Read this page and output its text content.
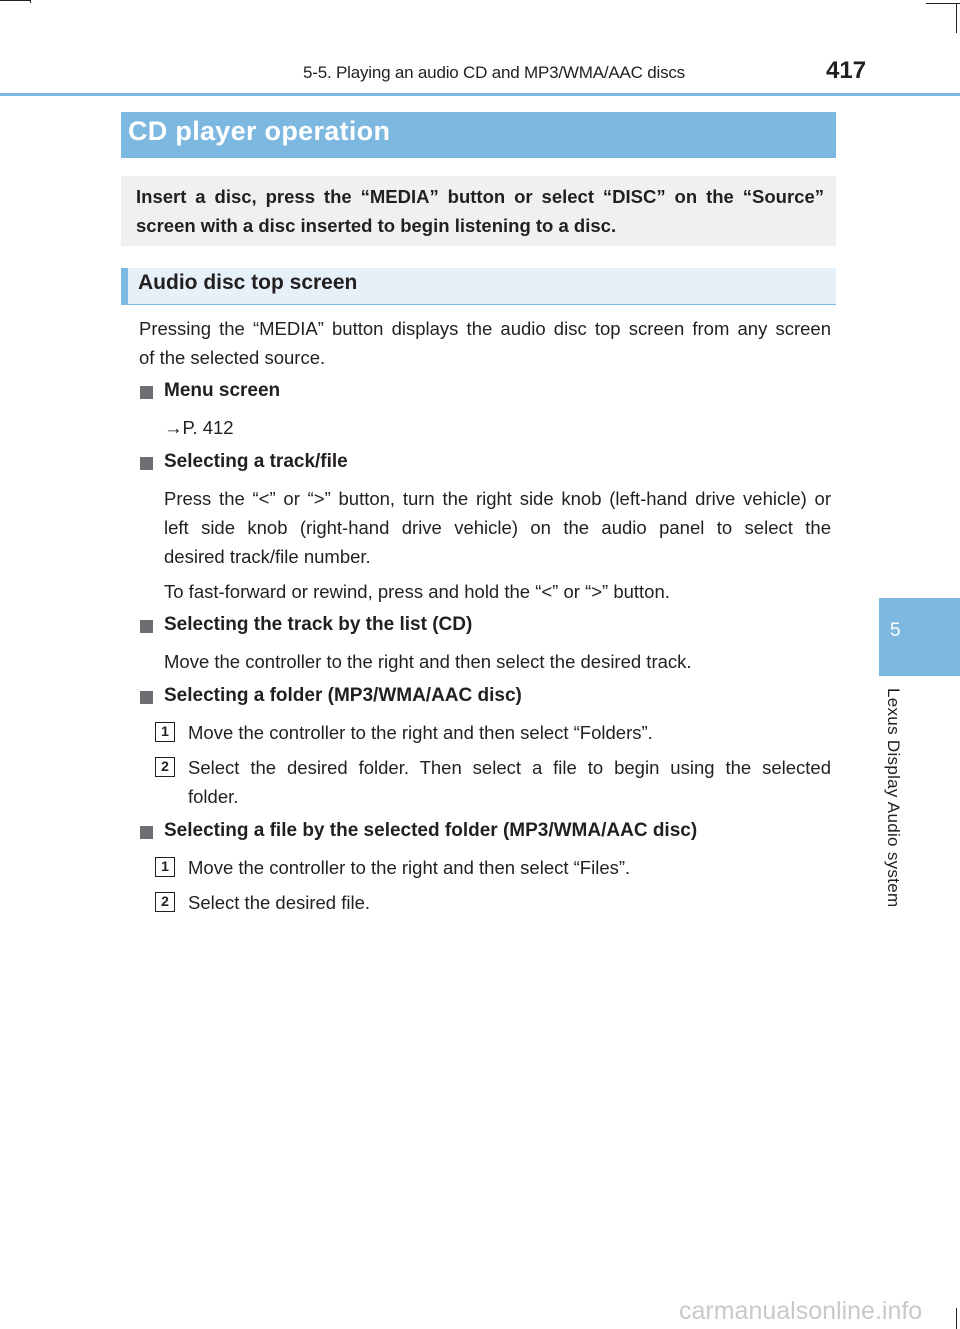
5-5. Playing an audio CD and MP3/WMA/AAC discs	417
5
Lexus Display Audio system
CD player operation
Insert a disc, press the “MEDIA” button or select “DISC” on the “Source” screen with a disc inserted to begin listening to a disc.
Audio disc top screen
Pressing the “MEDIA” button displays the audio disc top screen from any screen
of the selected source.
Menu screen
→P. 412
Selecting a track/file
Press the “<” or “>” button, turn the right side knob (left-hand drive vehicle) or
left side knob (right-hand drive vehicle) on the audio panel to select the
desired track/file number.
To fast-forward or rewind, press and hold the “<” or “>” button.
Selecting the track by the list (CD)
Move the controller to the right and then select the desired track.
Selecting a folder (MP3/WMA/AAC disc)
1	Move the controller to the right and then select “Folders”.
2	Select the desired folder. Then select a file to begin using the selected
folder.
Selecting a file by the selected folder (MP3/WMA/AAC disc)
1	Move the controller to the right and then select “Files”.
2	Select the desired file.
carmanualsonline.info
